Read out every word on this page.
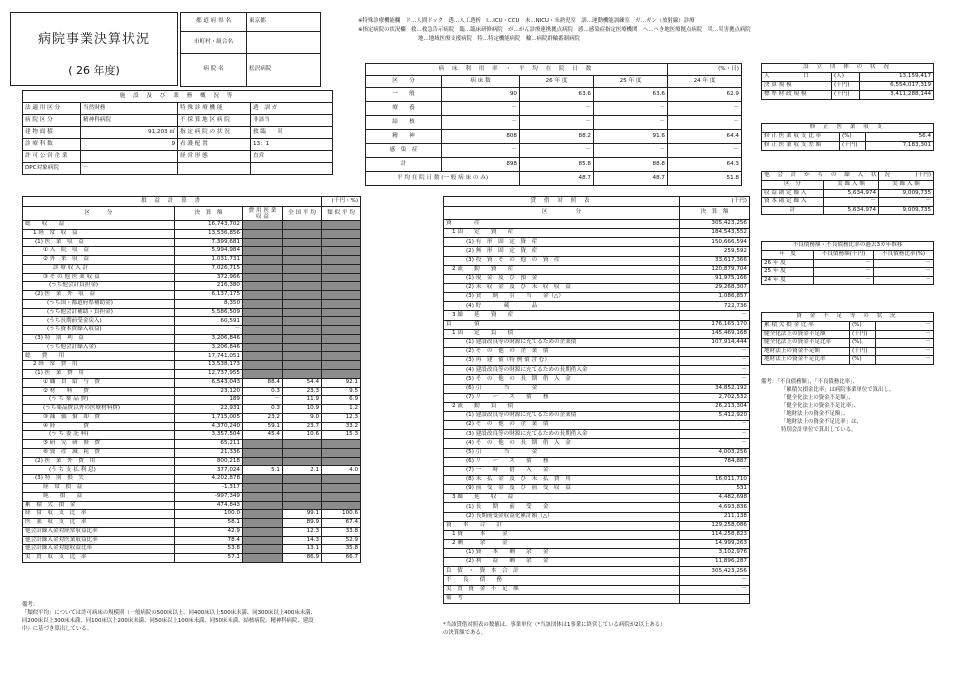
病院事業決算状況
( 26 年度)
都 道 府 県 名	東京都
市町村・組合名	
病 院 名	松沢病院
※特殊診療機能欄　ド…人間ドック　透…人工透析　I…ICU・CCU　未…NICU・未熟児室　訓…運動機能訓練室　ガ…ガン（放射線）診療
※指定病院の状況欄　救…救急告示病院　臨…臨床研修病院　が…がん診療連携拠点病院　感…感染症指定医療機関　へ…へき地医療拠点病院　災…災害拠点病院
地…地域医療支援病院　特…特定機能病院　輪…病院群輪番制病院
施 設 及 び 業 務 概 況 等			
法 適 用 区 分	当然財務	特 殊 診 療 機 能	透　訓 ガ
病 院 区 分	精神科病院	不 採 算 地 区 病 院	非該当
建 物 面 積	91,203 ㎡	指 定 病 院 の 状 況	救 臨　　災
診 療 科 数	9	看 護 配 置	13：1
許 可 公 営 企 業		経 営 形 態	直営
DPC対象病院	－		
病 床 利 用 率 ・ 平 均 在 院 日 数				(%・日)
区　　分	病 床 数	26 年 度	25 年 度	24 年 度
一　　般	90	63.6	63.6	62.9
療　　養	－	－	－	－
結　　核	－	－	－	－
精　　神	808	88.2	91.6	64.4
感　染　症	－	－	－	－
計	898	85.8	88.8	64.3
平 均 在 院 日 数 (一 般 病 床 の み)		48.7	48.7	51.8
設 立 団 体 の 状 況		
人　　　　　　口	(人)	13,159,417
決 算 規 模	(千円)	6,554,017,319
標 準 財 政 規 模	(千円)	3,411,288,144
修 正 医 業 収 支		
修 正 医 業 収 支 比 率	(%)	56.4
修 正 医 業 収 支 差 額	(千円)	7,183,301
他 会 計 か ら の 繰 入 状 況		(千円)
区　分	実 繰 入 額	実 繰 入 額
収 益 勘 定 繰 入	5,634,974	9,009,735
資 本 勘 定 繰 入	－	－
計	5,634,974	9,009,735
不良債務額・不良債務比率の過去3カ年推移		
年　度	不良債務額(千円)	不良債務比率(%)
26 年 度	－	－
25 年 度	－	－
24 年 度	－	－
資 金 不 足 等 の 状 況		
累 積 欠 損 金 比 率	(%)	－
健全化法上の資金不足額	(千円)	－
健全化法上の資金不足比率	(%)	－
地財法上の資金不足額	(千円)	－
地財法上の資金不足比率	(%)	－
備考：「不良債務額」、「不良債務比率」、
「累積欠損金比率」は病院事業単位で算出し、
「健全化法上の資金不足額」、
「健全化法上の資金不足比率」、
「地財法上の資金不足額」、
「地財法上の資金不足比率」は、
特別会計単位で算出している。
損 益 計 算 書				(千円・%)
区　　　分	決　算　額	費 用 医 業 収 益	全 国 平 均	類 似 平 均
総　　収　　益	16,743,702			
1 経　常　収　益	13,536,856			
(1) 医　業　収　益	7,399,681			
① 入　院　収　益	5,994,984			
② 外　来　収　益	1,031,731			
診 療 収 入 計	7,026,715			
③ そ の 他 医 業 収 益	372,966			
(うち他会計負担金)	216,380			
(2) 医　業　外　収　益	6,137,175			
(うち国・都道府県補助金)	8,350			
(うち他会計補助・負担金)	5,586,509			
(うち長期前受金戻入)	60,591			
(うち資本費繰入収益)	－			
(3) 特　別　利　益	3,206,846			
(うち他会計繰入金)	3,206,846			
総　　費　　用	17,741,051			
2 経　常　費　用	13,538,173			
(1) 医　業　費　用	12,737,955			
① 職　員　給　与　費	6,543,043	88.4	54.4	92.1
② 材　　料　　費	23,120	0.3	23.3	9.5
(う ち 薬 品 費)	189	－	11.9	6.9
(うち薬品費以外の医療材料費)	22,931	0.3	10.9	1.2
③ 減　価　償　却　費	1,715,005	23.2	9.0	12.3
④ 経　　　　　費	4,370,240	59.1	23.7	33.2
(う ち 委 託 料)	3,357,504	45.4	10.6	15.3
⑤ 研　究　研　修　費	65,211			
⑥ 資　産　減　耗　費	21,336			
(2) 医　業　外　費　用	800,218			
(う ち 支 払 利 息)	377,024	5.1	2.1	4.0
(3) 特　別　損　失	4,202,878			
経　常　損　益	-1,317			
純　　損　　益	-997,349			
累　積　欠　損　金	474,843			
経　常　収　支　比　率	100.0		99.1	100.6
医　業　収　支　比　率	58.1		89.9	67.4
他会計繰入金対経常収益比率	42.9		12.3	33.8
他会計繰入金対医業収益比率	78.4		14.3	52.9
他会計繰入金対総収益比率	53.8		13.1	35.8
実　質　収　支　比　率	57.1		86.9	66.7
備考：
「類似平均」については許可病床の規模別（一般病院の500床以上、同400床以上500床未満、同300床以上400床未満、
同200床以上300床未満、同100床以上200床未満、同50床以上100床未満、同50床未満、結核病院、精神科病院、建設
中）に基づき算出している。
貸 借 対 照 表	(千円)
区　　　　　分	決　算　額
資　　　　産	305,423,256
1 固　　定　　資　　産	184,543,552
(1) 有　形　固　定　資　産	150,666,594
(2) 無　形　固　定　資　産	259,592
(3) 投　資　そ　の　他　の　資　産	33,617,366
2 流　　動　　資　　産	120,879,704
(1) 現　金　及　び　預　金	91,975,166
(2) 未　収　金　及　び　未　収　収　益	29,268,307
(3) 貸　　倒　　引　　当　　金（△）	1,086,857
(4) 貯　　　　蔵　　　　品	722,736
3 繰　　延　　資　　産	－
負　　　　債	176,165,170
1 固　　定　　負　　債	145,469,168
(1) 建設改良等の財源に充てるための企業債	107,914,444
(2) そ　の　他　の　企　業　債	－
(3) 再　建　債（特 例 債 含 む）	－
(4) 建設改良等の財源に充てるための長期借入金	－
(5) そ　の　他　の　長　期　借　入　金	－
(6) 引　　　　当　　　　金	34,852,192
(7) リ　　ー　　ス　　債　　務	2,702,532
2 流　　動　　負　　債	26,213,304
(1) 建設改良等の財源に充てるための企業債	5,412,920
(2) そ　の　他　の　企　業　債	－
(3) 建設改良等の財源に充てるための長期借入金	－
(4) そ　の　他　の　長　期　借　入　金	－
(5) 引　　　　当　　　　金	4,003,256
(6) リ　　ー　　ス　　債　　務	784,887
(7) 一　　時　　借　　入　　金	－
(8) 未　払　金　及　び　未　払　費　用	16,011,710
(9) 前　受　金　及　び　前　受　収　益	531
3 繰　　延　　収　　益	4,482,698
(1) 長　　期　　前　　受　　金	4,693,836
(2) 長期前受金収益化累計額（△）	211,138
資　　本　　合　　計	129,258,086
1 資　　　本　　　金	114,258,823
2 剰　　　余　　　金	14,999,263
(1) 資　　本　　剰　　余　　金	3,102,976
(2) 利　　益　　剰　　余　　金	11,896,287
負　債　・　資　本　合　計	305,423,256
不　　良　　債　　務	－
実　質　資　金　不　足　額	－
備　考	
*当該貸借対照表の数値は、事業単位（*当該団体は1事業に終営している病院が2以上ある）
の決算額である。
